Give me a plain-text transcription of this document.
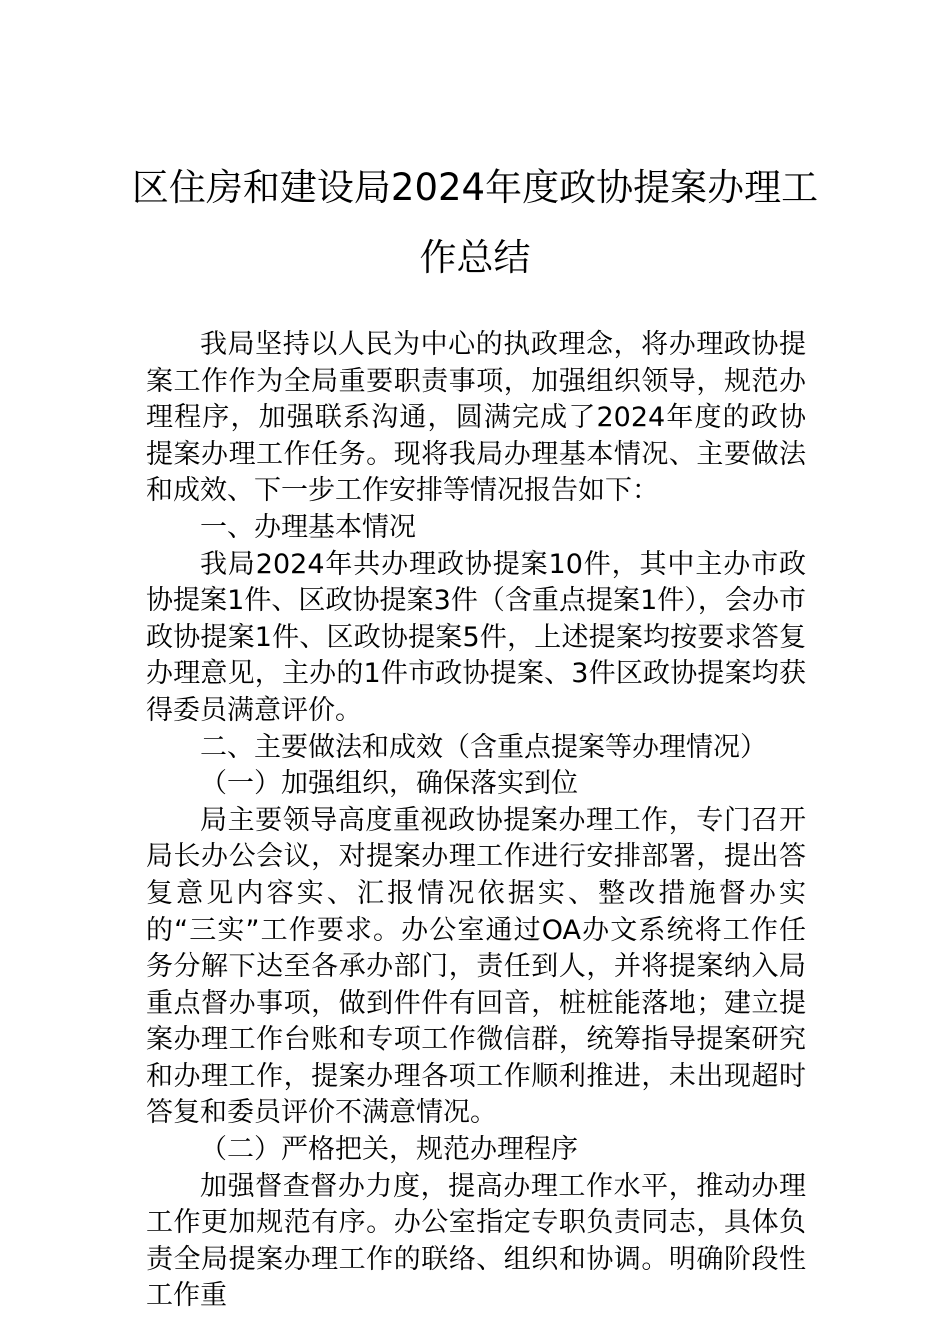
区住房和建设局2024年度政协提案办理工
作总结

我局坚持以人民为中心的执政理念，将办理政协提案工作作为全局重要职责事项，加强组织领导，规范办理程序，加强联系沟通，圆满完成了2024年度的政协提案办理工作任务。现将我局办理基本情况、主要做法和成效、下一步工作安排等情况报告如下：

一、办理基本情况

我局2024年共办理政协提案10件，其中主办市政协提案1件、区政协提案3件（含重点提案1件），会办市政协提案1件、区政协提案5件，上述提案均按要求答复办理意见，主办的1件市政协提案、3件区政协提案均获得委员满意评价。

二、主要做法和成效（含重点提案等办理情况）

（一）加强组织，确保落实到位

局主要领导高度重视政协提案办理工作，专门召开局长办公会议，对提案办理工作进行安排部署，提出答复意见内容实、汇报情况依据实、整改措施督办实的“三实”工作要求。办公室通过OA办文系统将工作任务分解下达至各承办部门，责任到人，并将提案纳入局重点督办事项，做到件件有回音，桩桩能落地；建立提案办理工作台账和专项工作微信群，统筹指导提案研究和办理工作，提案办理各项工作顺利推进，未出现超时答复和委员评价不满意情况。

（二）严格把关，规范办理程序

加强督查督办力度，提高办理工作水平，推动办理工作更加规范有序。办公室指定专职负责同志，具体负责全局提案办理工作的联络、组织和协调。明确阶段性工作重
